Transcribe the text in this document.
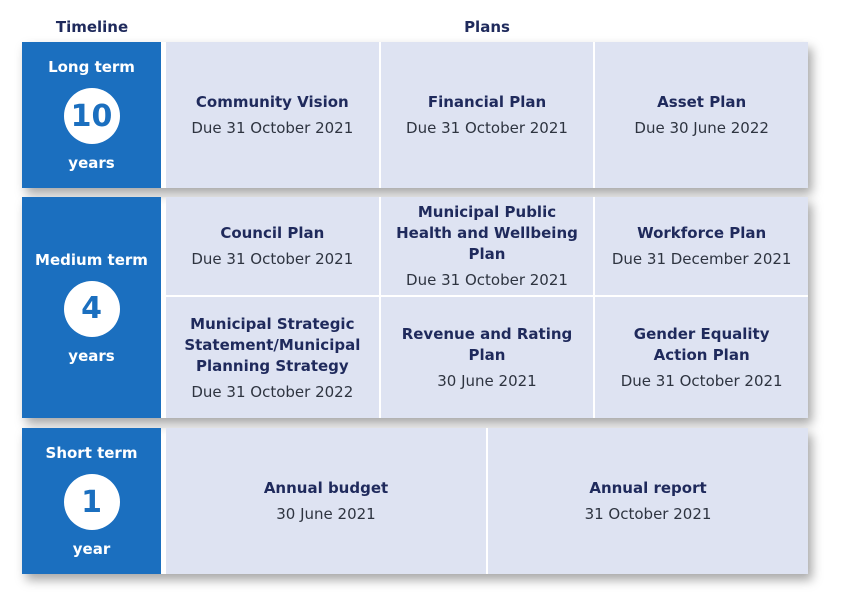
Timeline	Plans
Long term
10
years
Community Vision
Due 31 October 2021
Financial Plan
Due 31 October 2021
Asset Plan
Due 30 June 2022
Medium term
4
years
Council Plan
Due 31 October 2021
Municipal Public Health and Wellbeing Plan
Due 31 October 2021
Workforce Plan
Due 31 December 2021
Municipal Strategic Statement/Municipal Planning Strategy
Due 31 October 2022
Revenue and Rating Plan
30 June 2021
Gender Equality Action Plan
Due 31 October 2021
Short term
1
year
Annual budget
30 June 2021
Annual report
31 October 2021
